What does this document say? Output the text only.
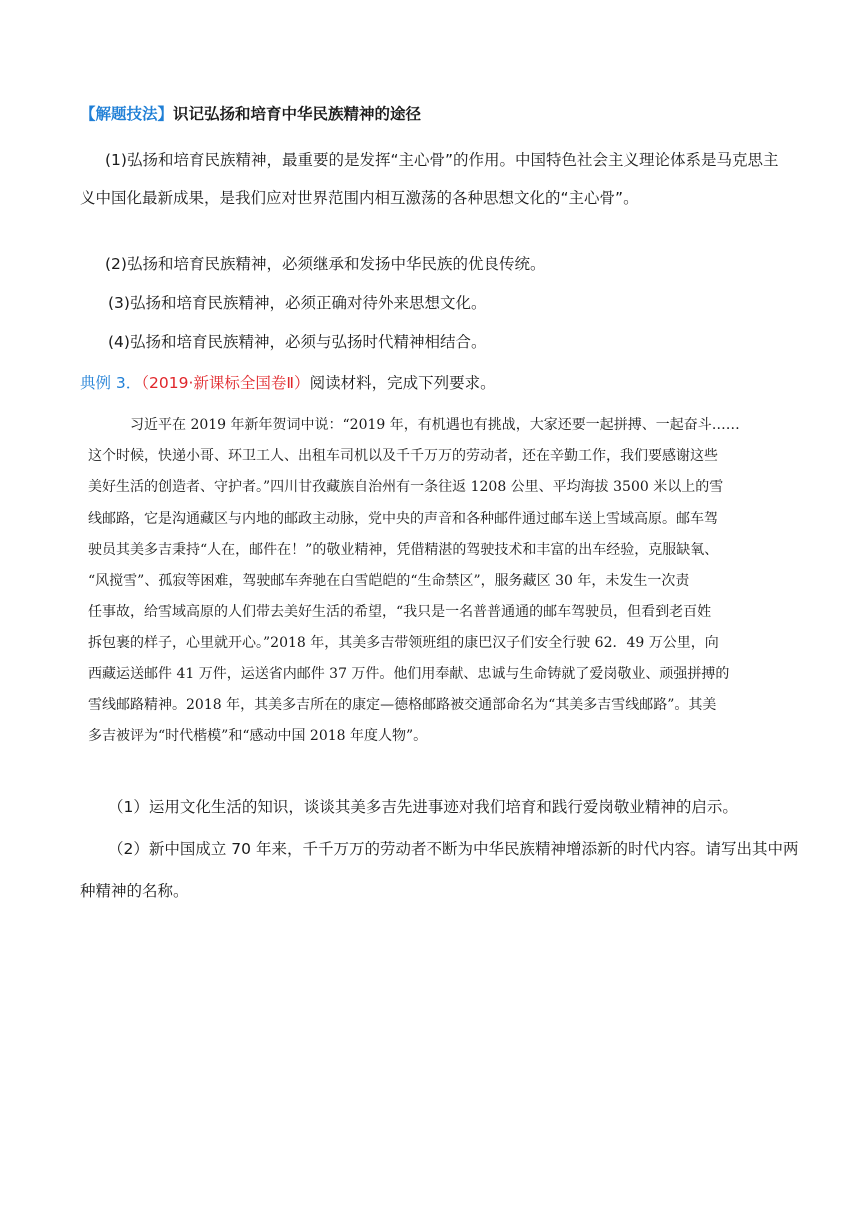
【解题技法】识记弘扬和培育中华民族精神的途径
(1)弘扬和培育民族精神，最重要的是发挥“主心骨”的作用。中国特色社会主义理论体系是马克思主
义中国化最新成果，是我们应对世界范围内相互激荡的各种思想文化的“主心骨”。
(2)弘扬和培育民族精神，必须继承和发扬中华民族的优良传统。
(3)弘扬和培育民族精神，必须正确对待外来思想文化。
(4)弘扬和培育民族精神，必须与弘扬时代精神相结合。
典例 3．（2019·新课标全国卷Ⅱ）阅读材料，完成下列要求。
习近平在 2019 年新年贺词中说：“2019 年，有机遇也有挑战，大家还要一起拼搏、一起奋斗……
这个时候，快递小哥、环卫工人、出租车司机以及千千万万的劳动者，还在辛勤工作，我们要感谢这些
美好生活的创造者、守护者。”四川甘孜藏族自治州有一条往返 1208 公里、平均海拔 3500 米以上的雪
线邮路，它是沟通藏区与内地的邮政主动脉，党中央的声音和各种邮件通过邮车送上雪域高原。邮车驾
驶员其美多吉秉持“人在，邮件在！”的敬业精神，凭借精湛的驾驶技术和丰富的出车经验，克服缺氧、
“风搅雪”、孤寂等困难，驾驶邮车奔驰在白雪皑皑的“生命禁区”，服务藏区 30 年，未发生一次责
任事故，给雪域高原的人们带去美好生活的希望，“我只是一名普普通通的邮车驾驶员，但看到老百姓
拆包裹的样子，心里就开心。”2018 年，其美多吉带领班组的康巴汉子们安全行驶 62．49 万公里，向
西藏运送邮件 41 万件，运送省内邮件 37 万件。他们用奉献、忠诚与生命铸就了爱岗敬业、顽强拼搏的
雪线邮路精神。2018 年，其美多吉所在的康定—德格邮路被交通部命名为“其美多吉雪线邮路”。其美
多吉被评为“时代楷模”和“感动中国 2018 年度人物”。
（1）运用文化生活的知识，谈谈其美多吉先进事迹对我们培育和践行爱岗敬业精神的启示。
（2）新中国成立 70 年来，千千万万的劳动者不断为中华民族精神增添新的时代内容。请写出其中两
种精神的名称。
